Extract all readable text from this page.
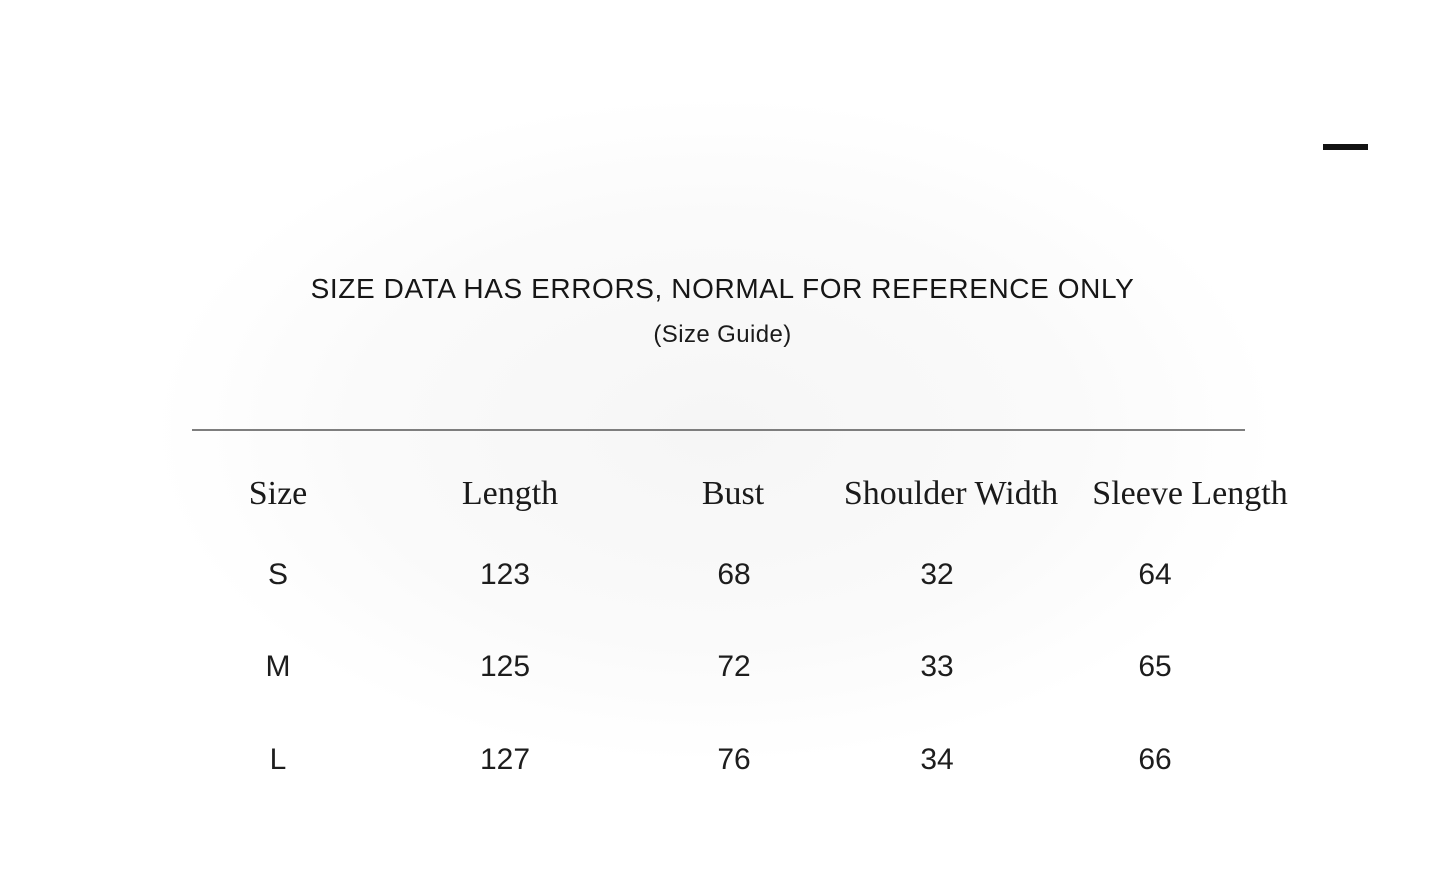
SIZE DATA HAS ERRORS, NORMAL FOR REFERENCE ONLY
(Size Guide)
Size	Length	Bust	Shoulder Width	Sleeve Length
S	123	68	32	64
M	125	72	33	65
L	127	76	34	66
